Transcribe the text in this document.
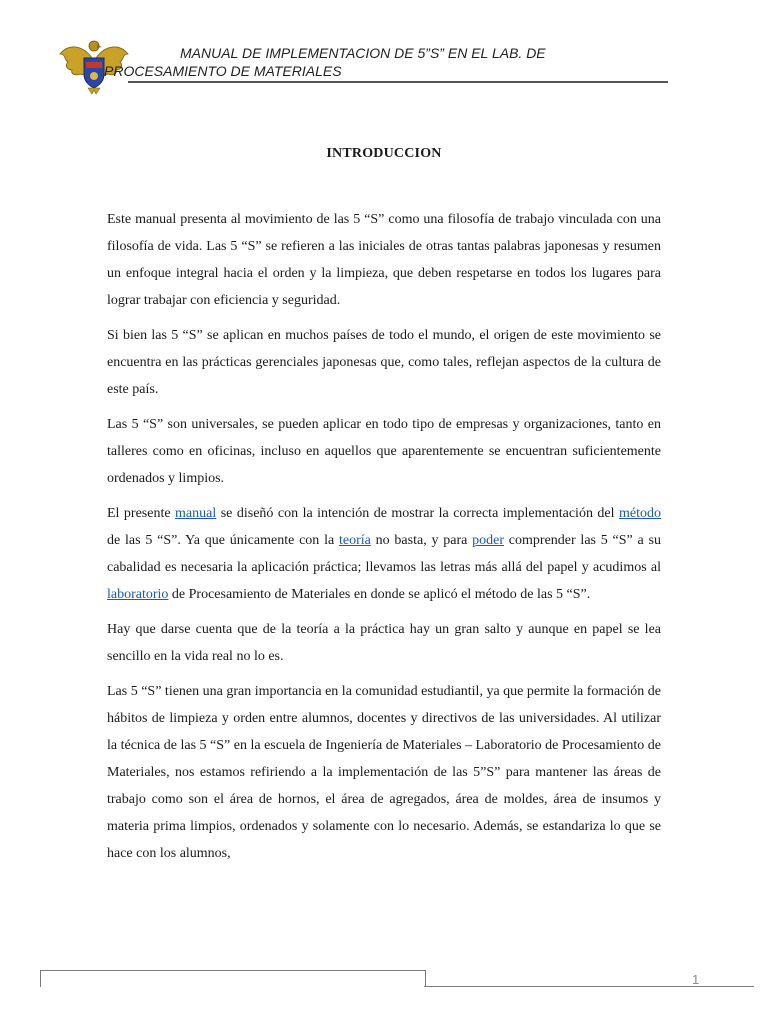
MANUAL DE IMPLEMENTACION DE 5”S” EN EL LAB. DE
PROCESAMIENTO DE MATERIALES
INTRODUCCION

Este manual presenta al movimiento de las 5 “S” como una filosofía de trabajo vinculada con una filosofía de vida. Las 5 “S” se refieren a las iniciales de otras tantas palabras japonesas y resumen un enfoque integral hacia el orden y la limpieza, que deben respetarse en todos los lugares para lograr trabajar con eficiencia y seguridad.

Si bien las 5 “S” se aplican en muchos países de todo el mundo, el origen de este movimiento se encuentra en las prácticas gerenciales japonesas que, como tales, reflejan aspectos de la cultura de este país.

Las 5 “S” son universales, se pueden aplicar en todo tipo de empresas y organizaciones, tanto en talleres como en oficinas, incluso en aquellos que aparentemente se encuentran suficientemente ordenados y limpios.

El presente manual se diseñó con la intención de mostrar la correcta implementación del método de las 5 “S”. Ya que únicamente con la teoría no basta, y para poder comprender las 5 “S” a su cabalidad es necesaria la aplicación práctica; llevamos las letras más allá del papel y acudimos al laboratorio de Procesamiento de Materiales en donde se aplicó el método de las 5 “S”.

Hay que darse cuenta que de la teoría a la práctica hay un gran salto y aunque en papel se lea sencillo en la vida real no lo es.

Las 5 “S” tienen una gran importancia en la comunidad estudiantil, ya que permite la formación de hábitos de limpieza y orden entre alumnos, docentes y directivos de las universidades. Al utilizar la técnica de las 5 “S” en la escuela de Ingeniería de Materiales – Laboratorio de Procesamiento de Materiales, nos estamos refiriendo a la implementación de las 5”S” para mantener las áreas de trabajo como son el área de hornos, el área de agregados, área de moldes, área de insumos y materia prima limpios, ordenados y solamente con lo necesario. Además, se estandariza lo que se hace con los alumnos,

1
